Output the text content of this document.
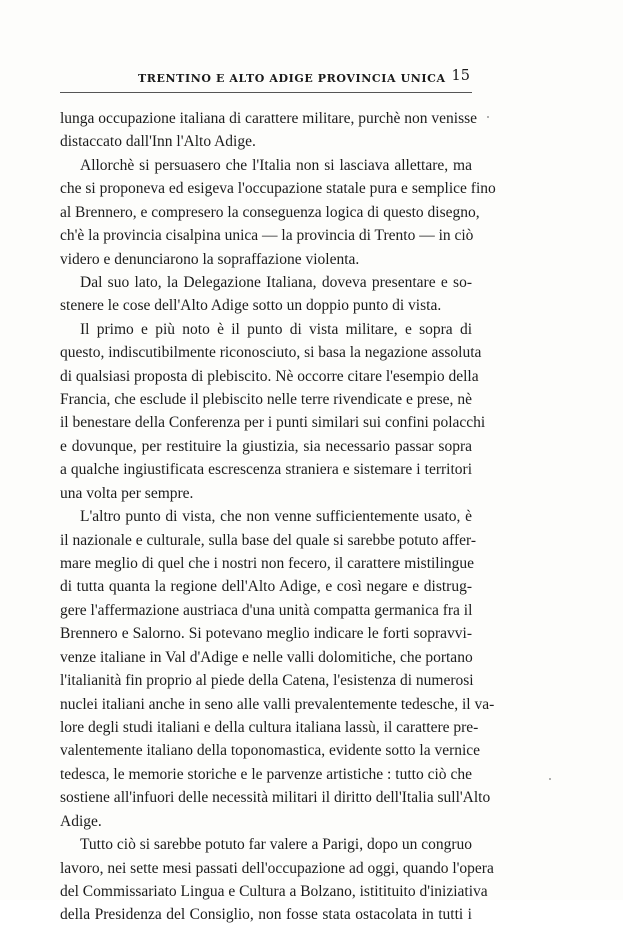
TRENTINO E ALTO ADIGE PROVINCIA UNICA 15
lunga occupazione italiana di carattere militare, purchè non venisse
distaccato dall'Inn l'Alto Adige.
Allorchè si persuasero che l'Italia non si lasciava allettare, ma
che si proponeva ed esigeva l'occupazione statale pura e semplice fino
al Brennero, e compresero la conseguenza logica di questo disegno,
ch'è la provincia cisalpina unica — la provincia di Trento — in ciò
videro e denunciarono la sopraffazione violenta.
Dal suo lato, la Delegazione Italiana, doveva presentare e so-
stenere le cose dell'Alto Adige sotto un doppio punto di vista.
Il primo e più noto è il punto di vista militare, e sopra di
questo, indiscutibilmente riconosciuto, si basa la negazione assoluta
di qualsiasi proposta di plebiscito. Nè occorre citare l'esempio della
Francia, che esclude il plebiscito nelle terre rivendicate e prese, nè
il benestare della Conferenza per i punti similari sui confini polacchi
e dovunque, per restituire la giustizia, sia necessario passar sopra
a qualche ingiustificata escrescenza straniera e sistemare i territori
una volta per sempre.
L'altro punto di vista, che non venne sufficientemente usato, è
il nazionale e culturale, sulla base del quale si sarebbe potuto affer-
mare meglio di quel che i nostri non fecero, il carattere mistilingue
di tutta quanta la regione dell'Alto Adige, e così negare e distrug-
gere l'affermazione austriaca d'una unità compatta germanica fra il
Brennero e Salorno. Si potevano meglio indicare le forti sopravvi-
venze italiane in Val d'Adige e nelle valli dolomitiche, che portano
l'italianità fin proprio al piede della Catena, l'esistenza di numerosi
nuclei italiani anche in seno alle valli prevalentemente tedesche, il va-
lore degli studi italiani e della cultura italiana lassù, il carattere pre-
valentemente italiano della toponomastica, evidente sotto la vernice
tedesca, le memorie storiche e le parvenze artistiche : tutto ciò che
sostiene all'infuori delle necessità militari il diritto dell'Italia sull'Alto
Adige.
Tutto ciò si sarebbe potuto far valere a Parigi, dopo un congruo
lavoro, nei sette mesi passati dell'occupazione ad oggi, quando l'opera
del Commissariato Lingua e Cultura a Bolzano, istitituito d'iniziativa
della Presidenza del Consiglio, non fosse stata ostacolata in tutti i
